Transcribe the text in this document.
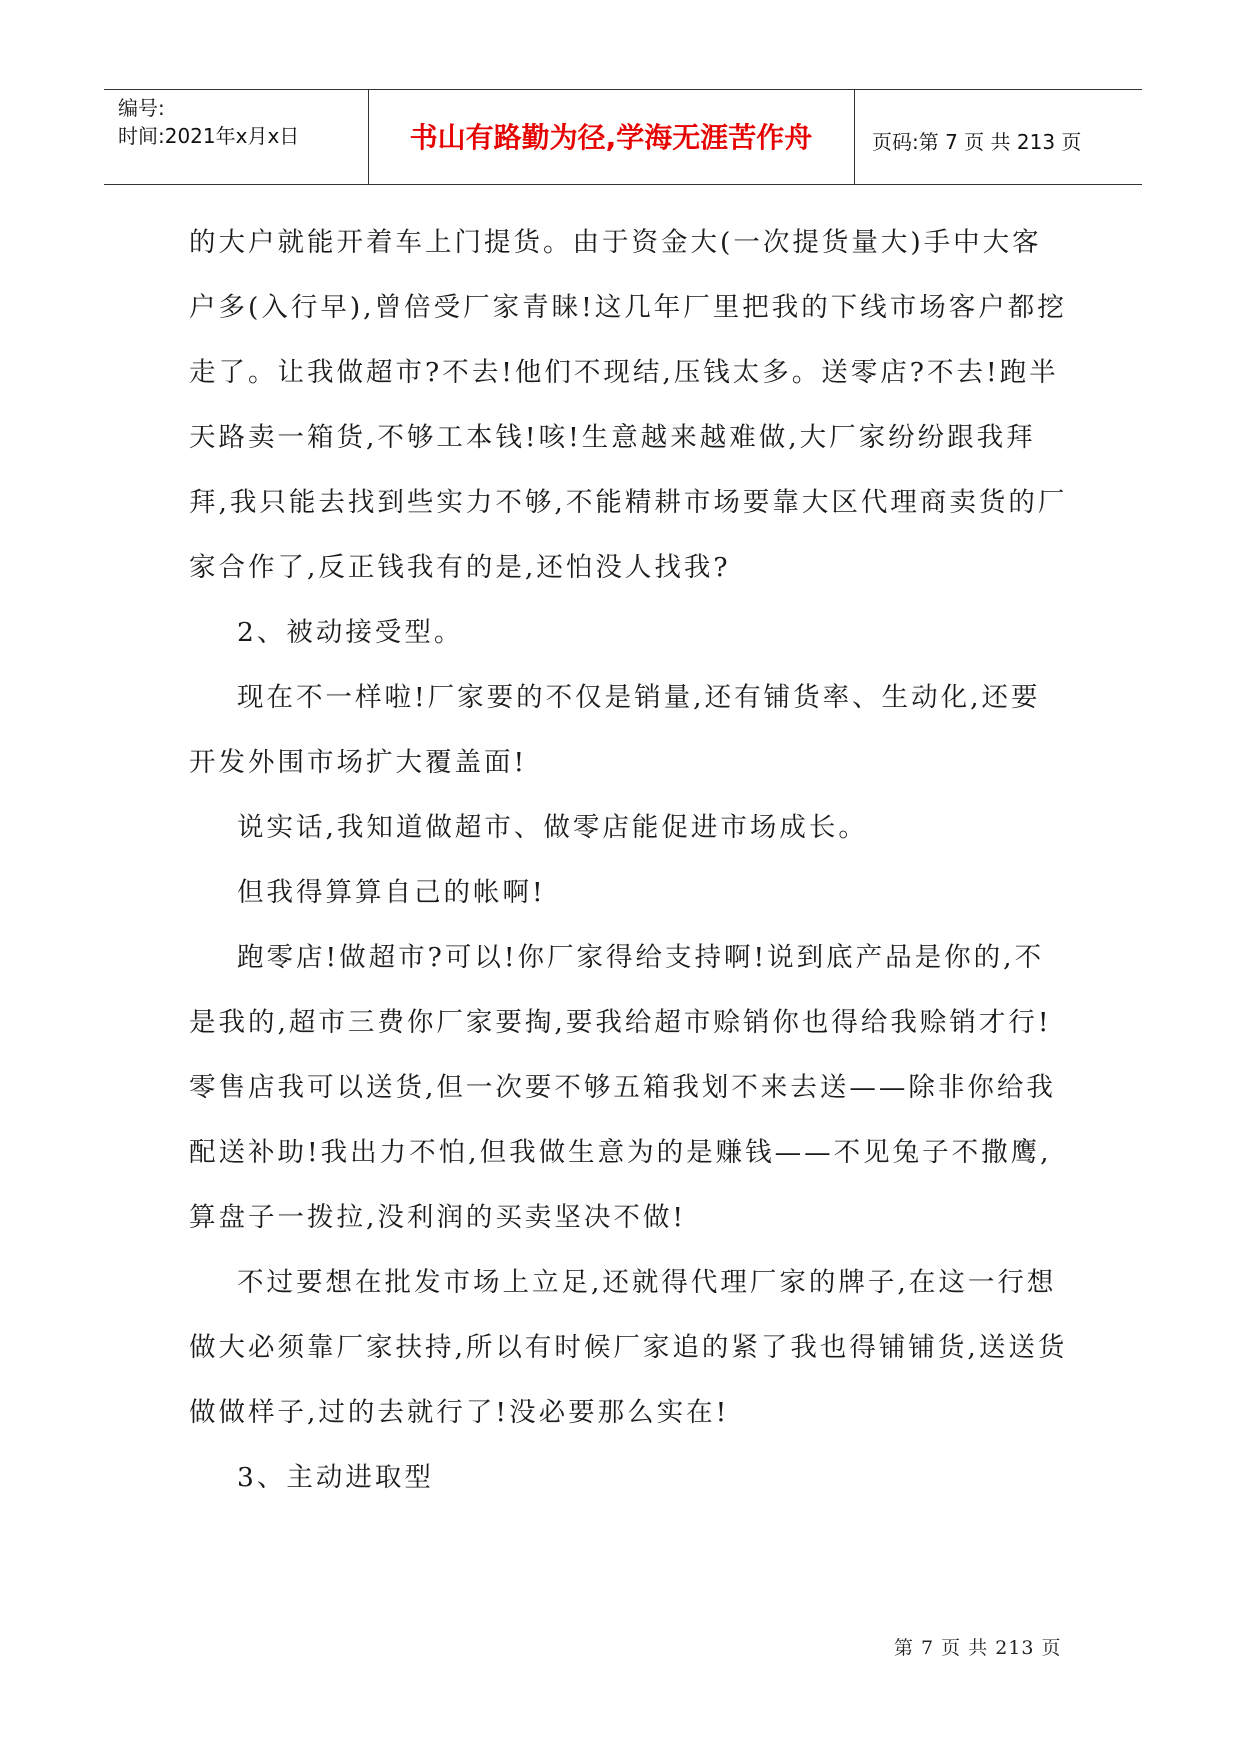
编号:
时间:2021年x月x日	书山有路勤为径,学海无涯苦作舟	页码:第 7 页 共 213 页

的大户就能开着车上门提货。由于资金大(一次提货量大)手中大客户多(入行早),曾倍受厂家青睐!这几年厂里把我的下线市场客户都挖走了。让我做超市?不去!他们不现结,压钱太多。送零店?不去!跑半天路卖一箱货,不够工本钱!咳!生意越来越难做,大厂家纷纷跟我拜拜,我只能去找到些实力不够,不能精耕市场要靠大区代理商卖货的厂家合作了,反正钱我有的是,还怕没人找我?

2、被动接受型。

现在不一样啦!厂家要的不仅是销量,还有铺货率、生动化,还要开发外围市场扩大覆盖面!

说实话,我知道做超市、做零店能促进市场成长。

但我得算算自己的帐啊!

跑零店!做超市?可以!你厂家得给支持啊!说到底产品是你的,不是我的,超市三费你厂家要掏,要我给超市赊销你也得给我赊销才行!零售店我可以送货,但一次要不够五箱我划不来去送——除非你给我配送补助!我出力不怕,但我做生意为的是赚钱——不见兔子不撒鹰,算盘子一拨拉,没利润的买卖坚决不做!

不过要想在批发市场上立足,还就得代理厂家的牌子,在这一行想做大必须靠厂家扶持,所以有时候厂家追的紧了我也得铺铺货,送送货做做样子,过的去就行了!没必要那么实在!

3、主动进取型

第 7 页 共 213 页
